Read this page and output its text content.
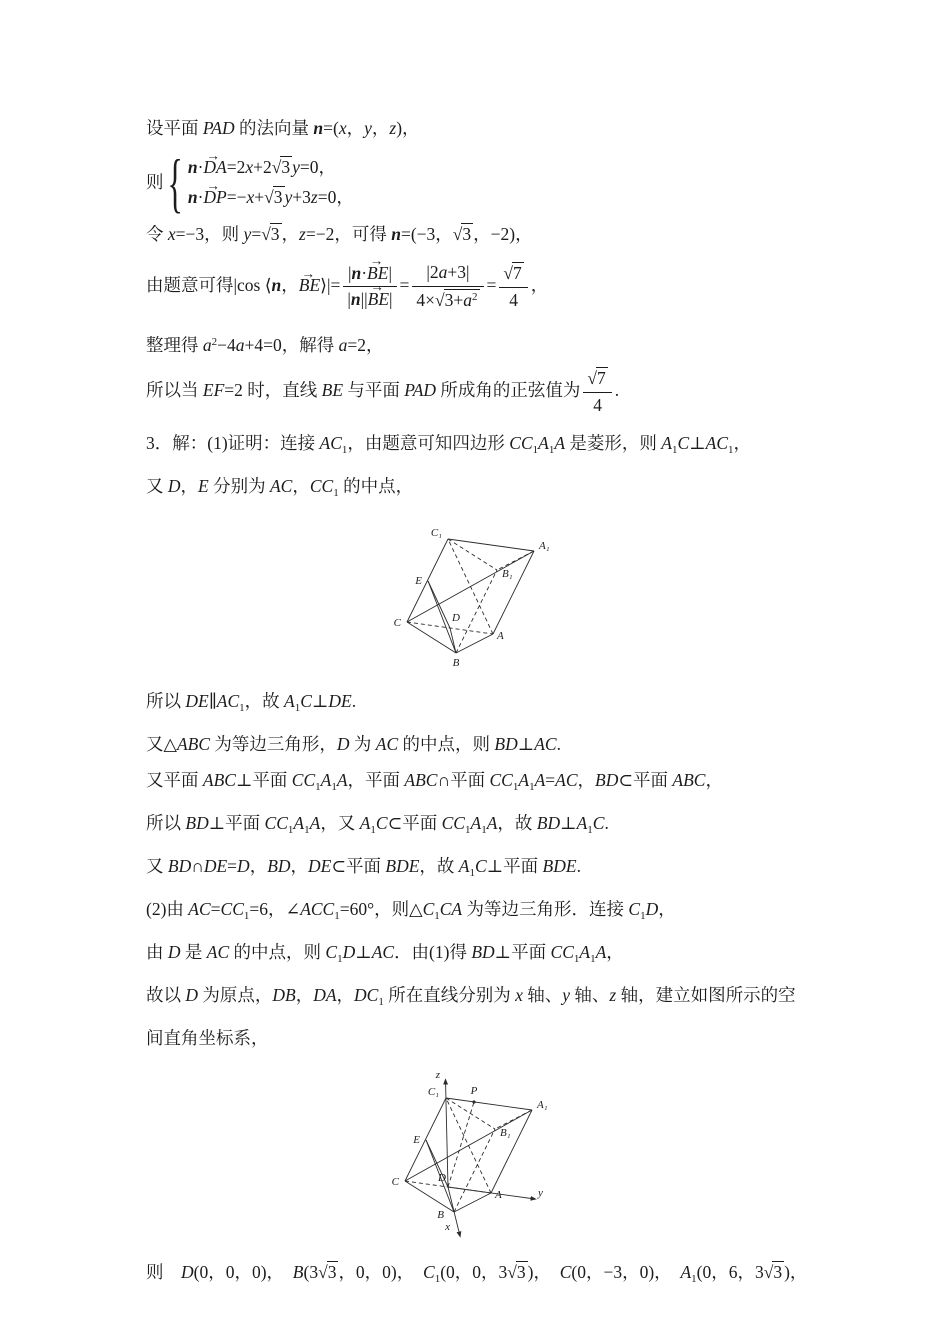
设平面 PAD 的法向量 n=(x，y，z)，

则 { n·DA →=2x+2 √ 3 y=0，
n·DP →=−x+ √ 3 y+3z=0，

令 x=−3，则 y= √ 3 ，z=−2，可得 n=(−3， √ 3 ，−2)，

由题意可得|cos ⟨n，BE →⟩|= $\frac{|n\cdot BE \to|}{|n||BE \to|} = \frac{|2a+3|}{4\times √ 3+a^2}$ = √ $\frac{7}{4}$ ，

整理得 $a^2-4a+4=0$，解得 a=2，

所以当 EF=2 时，直线 BE 与平面 PAD 所成角的正弦值为 √ $\frac{7}{4}$ .

3．解：(1)证明：连接 $AC_1$，由题意可知四边形 $CC_1A_1A$ 是菱形，则 $A_1C\perp AC_1$，

又 D，E 分别为 AC，$CC_1$ 的中点，

C₁
A₁
E
B₁
C	D
A
B

所以 $DE\parallel AC_1$，故 $A_1C\perp DE$.

又△ABC 为等边三角形，D 为 AC 的中点，则 BD⊥AC.

又平面 ABC⊥平面 $CC_1A_1A$，平面 ABC∩平面 $CC_1A_1A=AC$，BD⊂平面 ABC，

所以 BD⊥平面 $CC_1A_1A$，又 $A_1C\subset$平面 $CC_1A_1A$，故 $BD\perp A_1C$.

又 BD∩DE=D，BD，DE⊂平面 BDE，故 $A_1C\perp$平面 BDE.

(2)由 $AC=CC_1=6$，$\angle ACC_1=60^\circ$，则$\triangle C_1CA$ 为等边三角形．连接 $C_1D$，

由 D 是 AC 的中点，则 $C_1D\perp AC$．由(1)得 BD⊥平面 $CC_1A_1A$，

故以 D 为原点，DB，DA，$DC_1$ 所在直线分别为 x 轴、y 轴、z 轴，建立如图所示的空间直角坐标系，

z
y
x
C₁	P
A₁
E
B₁
C	D
A
B

则　D(0，0，0)，　B(3 √ 3 ，0，0)，　$C_1(0$，0，3 √ 3 )，　C(0，−3，0)，　$A_1(0$，6，3 √ 3 )，
